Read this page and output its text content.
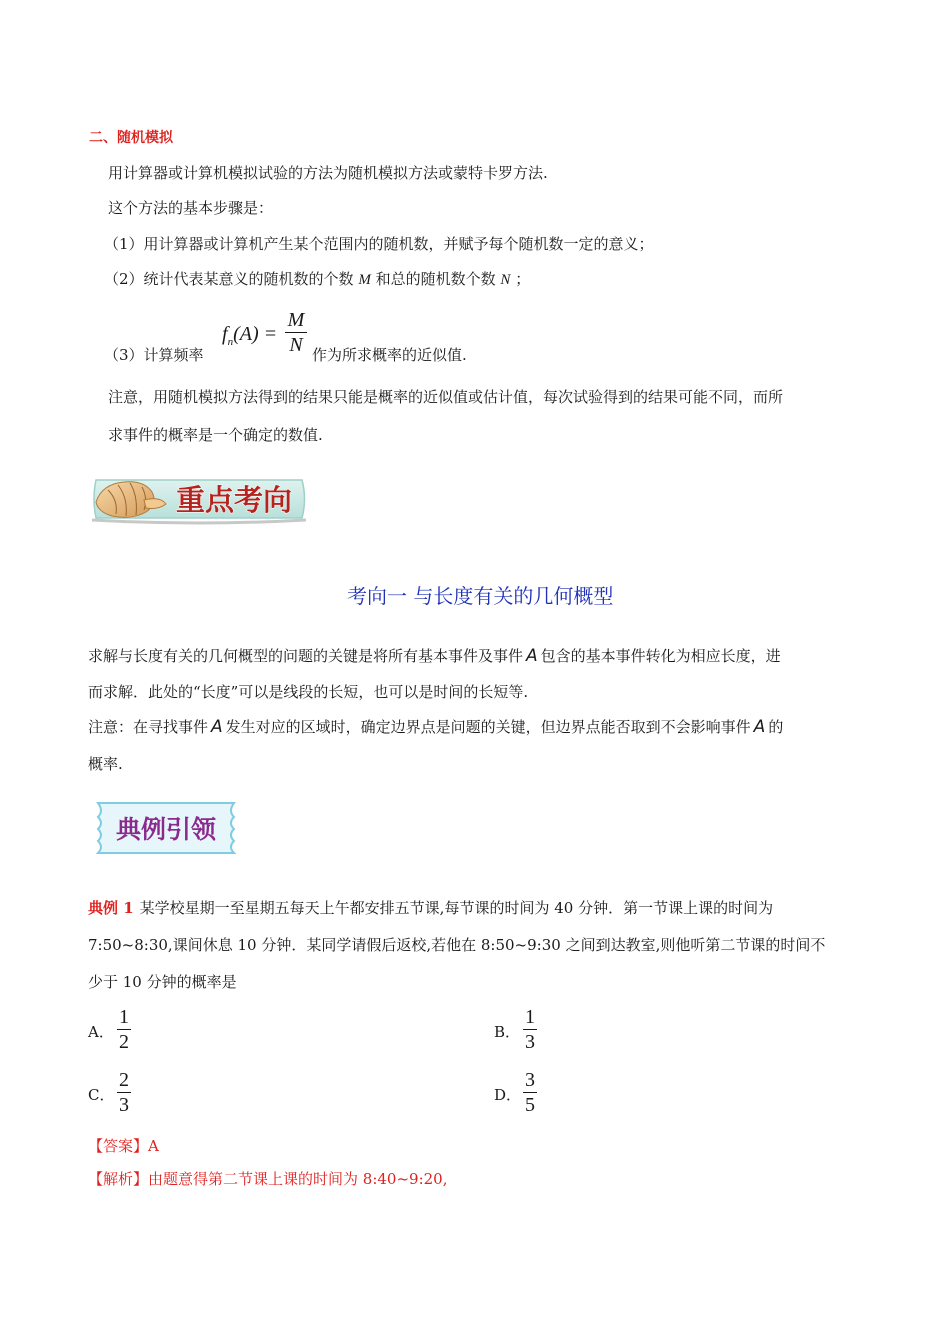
二、随机模拟
用计算器或计算机模拟试验的方法为随机模拟方法或蒙特卡罗方法.
这个方法的基本步骤是：
（1）用计算器或计算机产生某个范围内的随机数，并赋予每个随机数一定的意义；
（2）统计代表某意义的随机数的个数 M 和总的随机数个数 N ；
（3）计算频率
$f_n(A)$ =
M
N 作为所求概率的近似值.
注意，用随机模拟方法得到的结果只能是概率的近似值或估计值，每次试验得到的结果可能不同，而所
求事件的概率是一个确定的数值.
重点考向
考向一 与长度有关的几何概型
求解与长度有关的几何概型的问题的关键是将所有基本事件及事件 A 包含的基本事件转化为相应长度，进
而求解．此处的“长度”可以是线段的长短，也可以是时间的长短等.
注意：在寻找事件 A 发生对应的区域时，确定边界点是问题的关键，但边界点能否取到不会影响事件 A 的
概率.
典例引领
典例 1 某学校星期一至星期五每天上午都安排五节课,每节课的时间为 40 分钟．第一节课上课的时间为
7:50~8:30,课间休息 10 分钟．某同学请假后返校,若他在 8:50~9:30 之间到达教室,则他听第二节课的时间不
少于 10 分钟的概率是
A．
1
2	B．
1
3
C．
2
3	D．
3
5
【答案】A
【解析】由题意得第二节课上课的时间为 8:40~9:20,
